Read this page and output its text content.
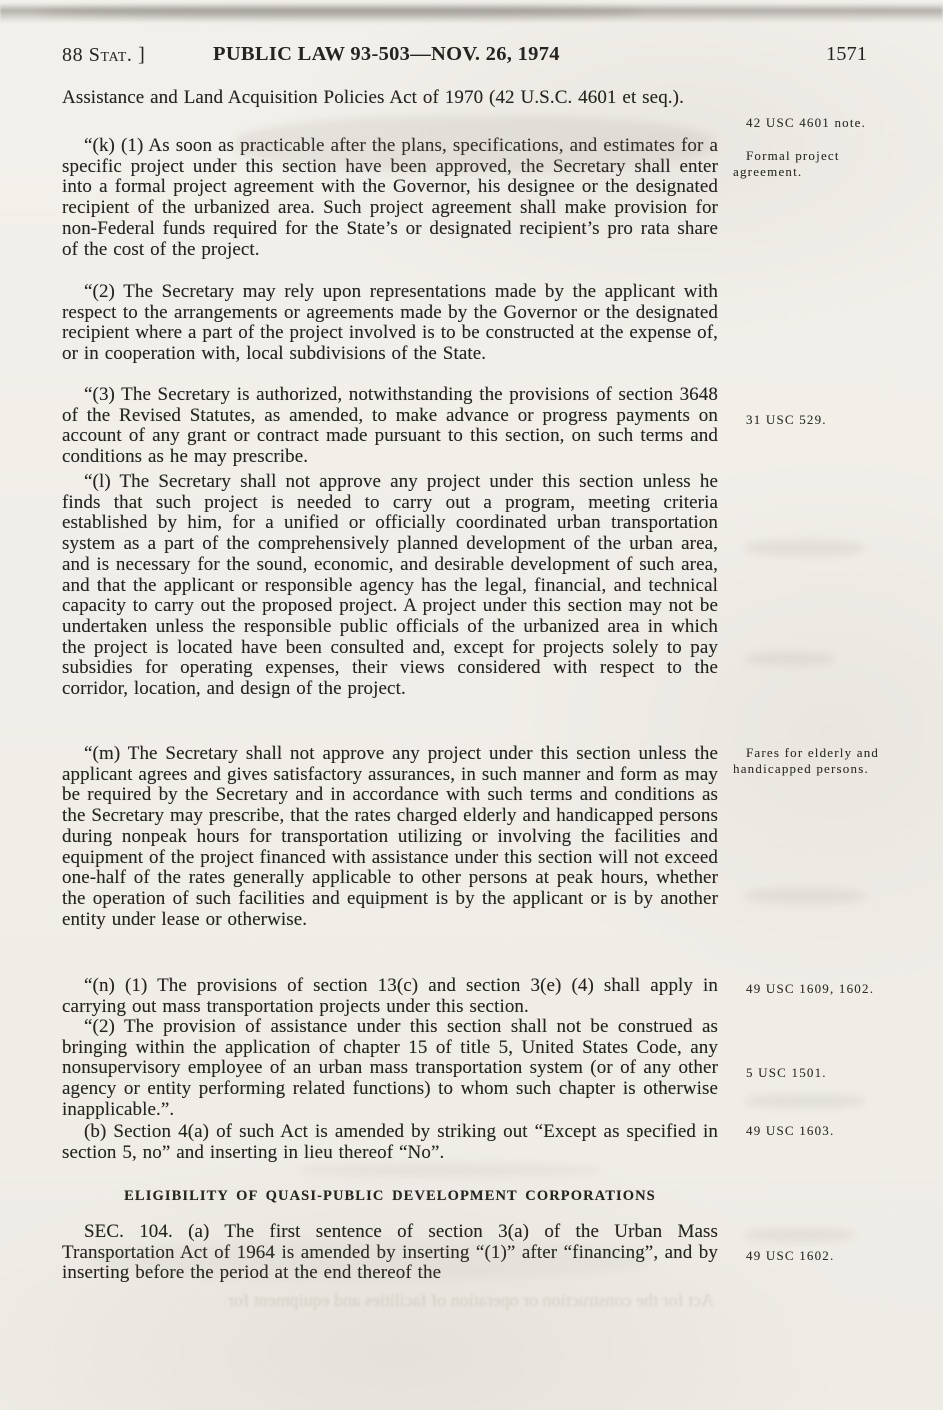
88 Stat. ]	PUBLIC LAW 93-503—NOV. 26, 1974	1571

Assistance and Land Acquisition Policies Act of 1970 (42 U.S.C. 4601 et seq.).

“(k) (1) As soon as practicable after the plans, specifications, and estimates for a specific project under this section have been approved, the Secretary shall enter into a formal project agreement with the Governor, his designee or the designated recipient of the urbanized area. Such project agreement shall make provision for non-Federal funds required for the State’s or designated recipient’s pro rata share of the cost of the project.

“(2) The Secretary may rely upon representations made by the applicant with respect to the arrangements or agreements made by the Governor or the designated recipient where a part of the project involved is to be constructed at the expense of, or in cooperation with, local subdivisions of the State.

“(3) The Secretary is authorized, notwithstanding the provisions of section 3648 of the Revised Statutes, as amended, to make advance or progress payments on account of any grant or contract made pursuant to this section, on such terms and conditions as he may prescribe.

“(l) The Secretary shall not approve any project under this section unless he finds that such project is needed to carry out a program, meeting criteria established by him, for a unified or officially coordinated urban transportation system as a part of the comprehensively planned development of the urban area, and is necessary for the sound, economic, and desirable development of such area, and that the applicant or responsible agency has the legal, financial, and technical capacity to carry out the proposed project. A project under this section may not be undertaken unless the responsible public officials of the urbanized area in which the project is located have been consulted and, except for projects solely to pay subsidies for operating expenses, their views considered with respect to the corridor, location, and design of the project.

“(m) The Secretary shall not approve any project under this section unless the applicant agrees and gives satisfactory assurances, in such manner and form as may be required by the Secretary and in accordance with such terms and conditions as the Secretary may prescribe, that the rates charged elderly and handicapped persons during nonpeak hours for transportation utilizing or involving the facilities and equipment of the project financed with assistance under this section will not exceed one-half of the rates generally applicable to other persons at peak hours, whether the operation of such facilities and equipment is by the applicant or is by another entity under lease or otherwise.

“(n) (1) The provisions of section 13(c) and section 3(e) (4) shall apply in carrying out mass transportation projects under this section.

“(2) The provision of assistance under this section shall not be construed as bringing within the application of chapter 15 of title 5, United States Code, any nonsupervisory employee of an urban mass transportation system (or of any other agency or entity performing related functions) to whom such chapter is otherwise inapplicable.”.

(b) Section 4(a) of such Act is amended by striking out “Except as specified in section 5, no” and inserting in lieu thereof “No”.

ELIGIBILITY OF QUASI-PUBLIC DEVELOPMENT CORPORATIONS

SEC. 104. (a) The first sentence of section 3(a) of the Urban Mass Transportation Act of 1964 is amended by inserting “(1)” after “financing”, and by inserting before the period at the end thereof the

42 USC 4601 note.

Formal project agreement.

31 USC 529.

Fares for elderly and handicapped persons.

49 USC 1609, 1602.

5 USC 1501.

49 USC 1603.

49 USC 1602.

Act for the construction or operation of facilities and equipment for
